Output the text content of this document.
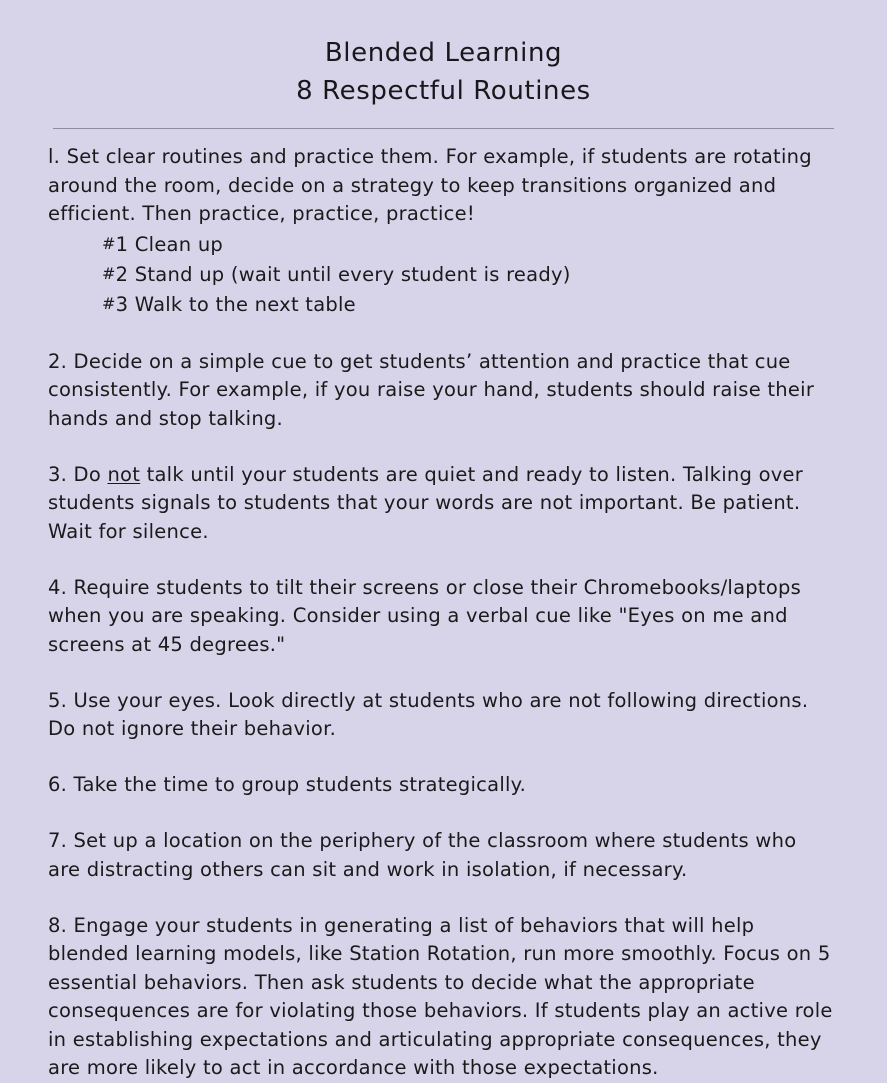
Blended Learning
8 Respectful Routines

l. Set clear routines and practice them. For example, if students are rotating around the room, decide on a strategy to keep transitions organized and efficient. Then practice, practice, practice!

#1 Clean up
#2 Stand up (wait until every student is ready)
#3 Walk to the next table

2. Decide on a simple cue to get students’ attention and practice that cue consistently. For example, if you raise your hand, students should raise their hands and stop talking.

3. Do not talk until your students are quiet and ready to listen. Talking over students signals to students that your words are not important. Be patient. Wait for silence.

4. Require students to tilt their screens or close their Chromebooks/laptops when you are speaking. Consider using a verbal cue like "Eyes on me and screens at 45 degrees."

5. Use your eyes. Look directly at students who are not following directions. Do not ignore their behavior.

6. Take the time to group students strategically.

7. Set up a location on the periphery of the classroom where students who are distracting others can sit and work in isolation, if necessary.

8. Engage your students in generating a list of behaviors that will help blended learning models, like Station Rotation, run more smoothly. Focus on 5 essential behaviors. Then ask students to decide what the appropriate consequences are for violating those behaviors. If students play an active role in establishing expectations and articulating appropriate consequences, they are more likely to act in accordance with those expectations.
